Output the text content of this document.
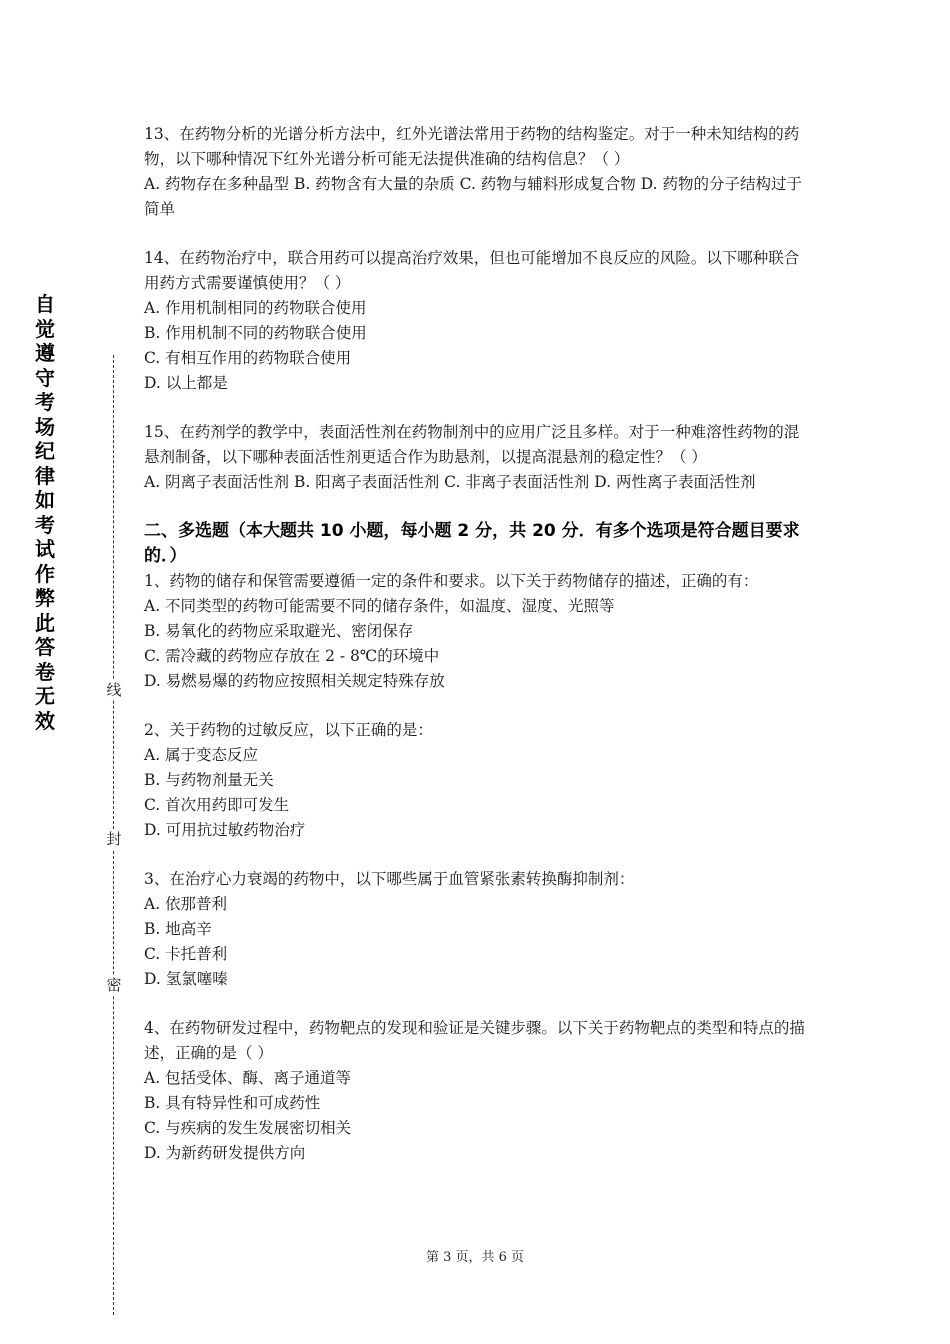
自觉遵守考场纪律如考试作弊此答卷无效
线
封
密

13、在药物分析的光谱分析方法中，红外光谱法常用于药物的结构鉴定。对于一种未知结构的药物，以下哪种情况下红外光谱分析可能无法提供准确的结构信息？（ ）

A. 药物存在多种晶型 B. 药物含有大量的杂质 C. 药物与辅料形成复合物 D. 药物的分子结构过于简单

14、在药物治疗中，联合用药可以提高治疗效果，但也可能增加不良反应的风险。以下哪种联合用药方式需要谨慎使用？（ ）

A. 作用机制相同的药物联合使用

B. 作用机制不同的药物联合使用

C. 有相互作用的药物联合使用

D. 以上都是

15、在药剂学的教学中，表面活性剂在药物制剂中的应用广泛且多样。对于一种难溶性药物的混悬剂制备，以下哪种表面活性剂更适合作为助悬剂，以提高混悬剂的稳定性？（ ）

A. 阴离子表面活性剂 B. 阳离子表面活性剂 C. 非离子表面活性剂 D. 两性离子表面活性剂

二、多选题（本大题共 10 小题，每小题 2 分，共 20 分．有多个选项是符合题目要求的．）

1、药物的储存和保管需要遵循一定的条件和要求。以下关于药物储存的描述，正确的有：

A. 不同类型的药物可能需要不同的储存条件，如温度、湿度、光照等

B. 易氧化的药物应采取避光、密闭保存

C. 需冷藏的药物应存放在 2 - 8℃的环境中

D. 易燃易爆的药物应按照相关规定特殊存放

2、关于药物的过敏反应，以下正确的是：

A. 属于变态反应

B. 与药物剂量无关

C. 首次用药即可发生

D. 可用抗过敏药物治疗

3、在治疗心力衰竭的药物中，以下哪些属于血管紧张素转换酶抑制剂：

A. 依那普利

B. 地高辛

C. 卡托普利

D. 氢氯噻嗪

4、在药物研发过程中，药物靶点的发现和验证是关键步骤。以下关于药物靶点的类型和特点的描述，正确的是（ ）

A. 包括受体、酶、离子通道等

B. 具有特异性和可成药性

C. 与疾病的发生发展密切相关

D. 为新药研发提供方向

第 3 页，共 6 页
